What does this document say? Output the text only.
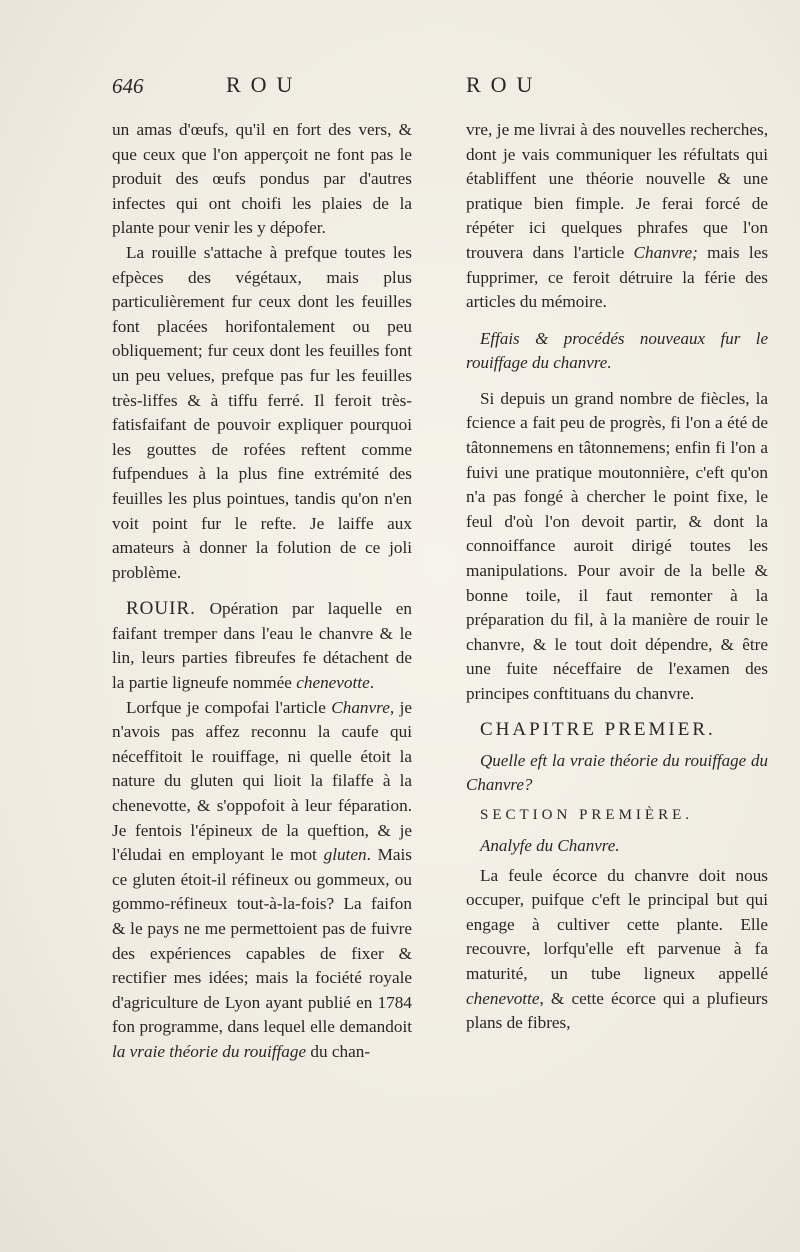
646	ROU	ROU

un amas d'œufs, qu'il en fort des vers, & que ceux que l'on apperçoit ne font pas le produit des œufs pondus par d'autres infectes qui ont choifi les plaies de la plante pour venir les y dépofer.

La rouille s'attache à prefque toutes les efpèces des végétaux, mais plus particulièrement fur ceux dont les feuilles font placées horifontalement ou peu obliquement; fur ceux dont les feuilles font un peu velues, prefque pas fur les feuilles très-liffes & à tiffu ferré. Il feroit très-fatisfaifant de pouvoir expliquer pourquoi les gouttes de rofées reftent comme fufpendues à la plus fine extrémité des feuilles les plus pointues, tandis qu'on n'en voit point fur le refte. Je laiffe aux amateurs à donner la folution de ce joli problème.

ROUIR. Opération par laquelle en faifant tremper dans l'eau le chanvre & le lin, leurs parties fibreufes fe détachent de la partie ligneufe nommée chenevotte.

Lorfque je compofai l'article Chanvre, je n'avois pas affez reconnu la caufe qui néceffitoit le rouiffage, ni quelle étoit la nature du gluten qui lioit la filaffe à la chenevotte, & s'oppofoit à leur féparation. Je fentois l'épineux de la queftion, & je l'éludai en employant le mot gluten. Mais ce gluten étoit-il réfineux ou gommeux, ou gommo-réfineux tout-à-la-fois? La faifon & le pays ne me permettoient pas de fuivre des expériences capables de fixer & rectifier mes idées; mais la fociété royale d'agriculture de Lyon ayant publié en 1784 fon programme, dans lequel elle demandoit la vraie théorie du rouiffage du chan-

vre, je me livrai à des nouvelles recherches, dont je vais communiquer les réfultats qui établiffent une théorie nouvelle & une pratique bien fimple. Je ferai forcé de répéter ici quelques phrafes que l'on trouvera dans l'article Chanvre; mais les fupprimer, ce feroit détruire la férie des articles du mémoire.

Effais & procédés nouveaux fur le rouiffage du chanvre.

Si depuis un grand nombre de fiècles, la fcience a fait peu de progrès, fi l'on a été de tâtonnemens en tâtonnemens; enfin fi l'on a fuivi une pratique moutonnière, c'eft qu'on n'a pas fongé à chercher le point fixe, le feul d'où l'on devoit partir, & dont la connoiffance auroit dirigé toutes les manipulations. Pour avoir de la belle & bonne toile, il faut remonter à la préparation du fil, à la manière de rouir le chanvre, & le tout doit dépendre, & être une fuite néceffaire de l'examen des principes conftituans du chanvre.

CHAPITRE PREMIER.

Quelle eft la vraie théorie du rouiffage du Chanvre?

SECTION PREMIÈRE.

Analyfe du Chanvre.

La feule écorce du chanvre doit nous occuper, puifque c'eft le principal but qui engage à cultiver cette plante. Elle recouvre, lorfqu'elle eft parvenue à fa maturité, un tube ligneux appellé chenevotte, & cette écorce qui a plufieurs plans de fibres,
